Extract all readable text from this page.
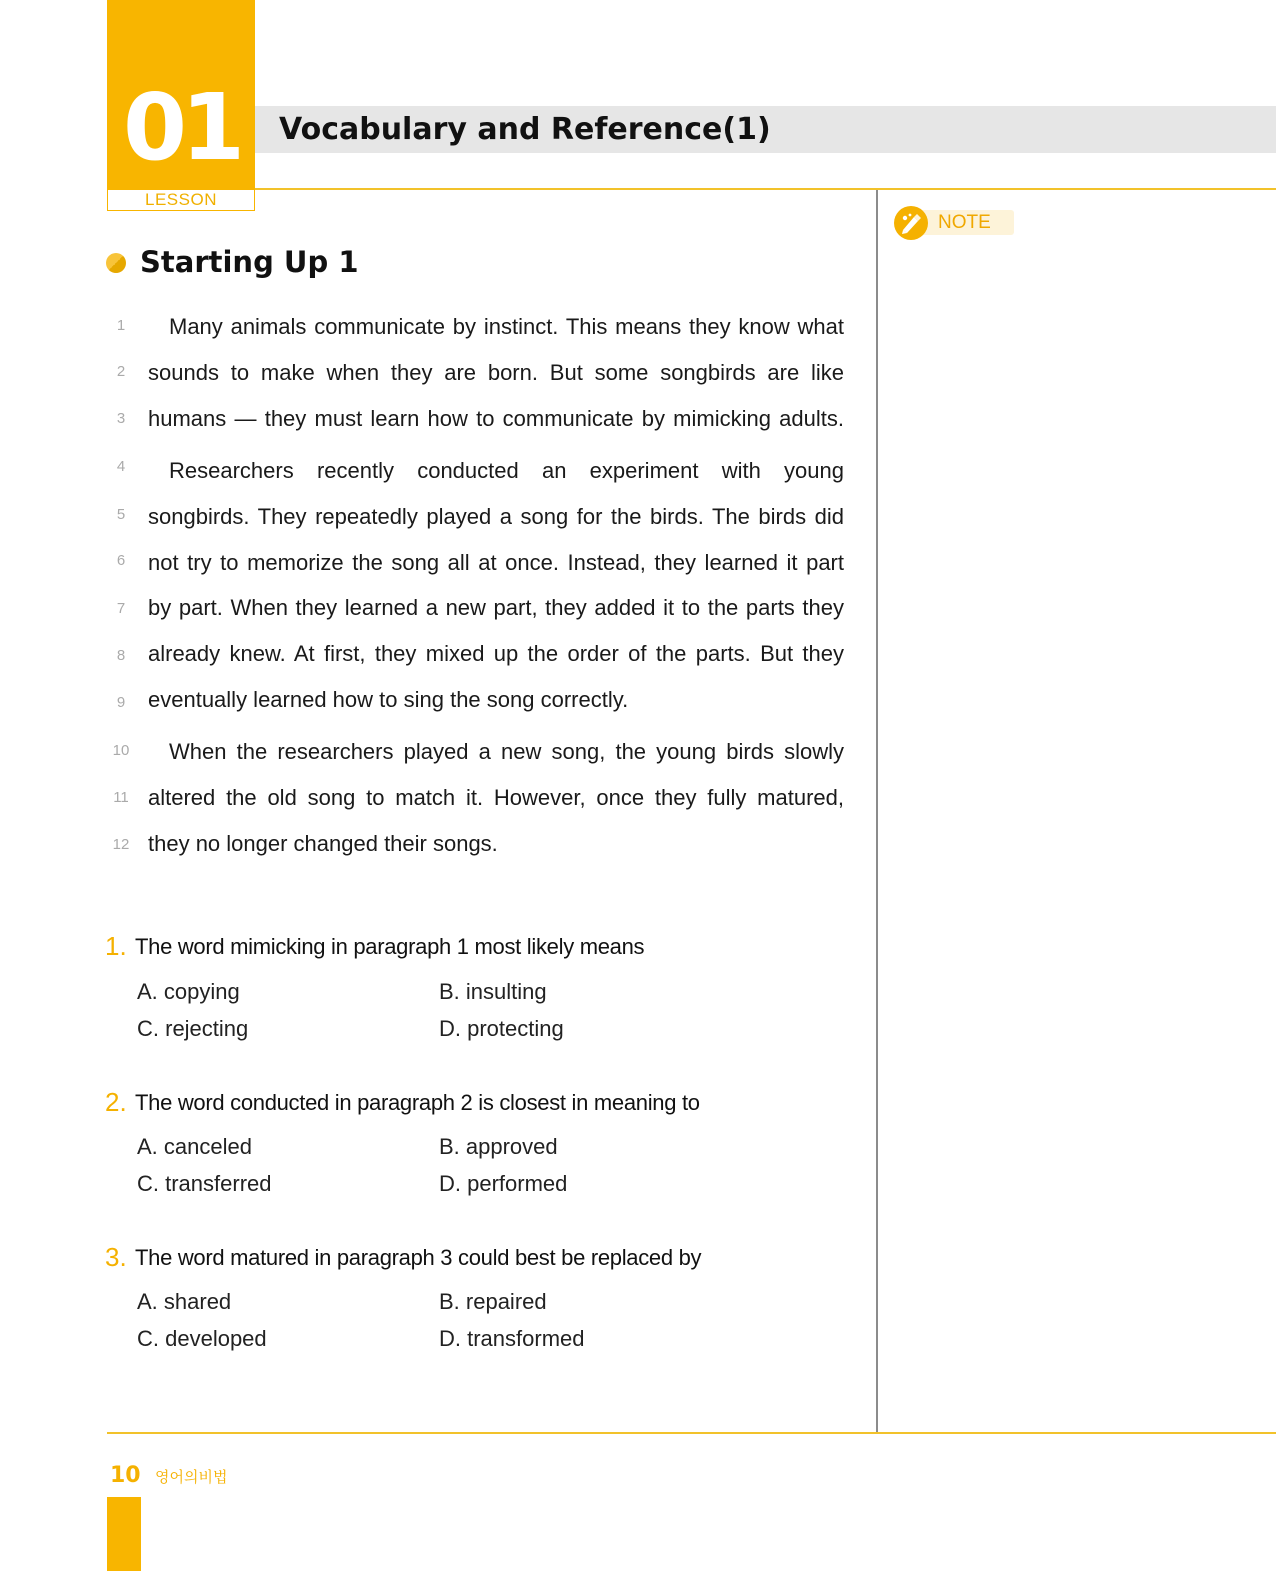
01
LESSON
Vocabulary and Reference(1)
NOTE
Starting Up 1
1	Many animals communicate by instinct. This means they know what
2	sounds to make when they are born. But some songbirds are like
3	humans — they must learn how to communicate by mimicking adults.
4	Researchers recently conducted an experiment with young
5	songbirds. They repeatedly played a song for the birds. The birds did
6	not try to memorize the song all at once. Instead, they learned it part
7	by part. When they learned a new part, they added it to the parts they
8	already knew. At first, they mixed up the order of the parts. But they
9	eventually learned how to sing the song correctly.
10	When the researchers played a new song, the young birds slowly
11 altered the old song to match it. However, once they fully matured,
12 they no longer changed their songs.
1. The word mimicking in paragraph 1 most likely means
A. copying	B. insulting
C. rejecting	D. protecting
2. The word conducted in paragraph 2 is closest in meaning to
A. canceled	B. approved
C. transferred	D. performed
3. The word matured in paragraph 3 could best be replaced by
A. shared	B. repaired
C. developed	D. transformed
10 영어의비법
